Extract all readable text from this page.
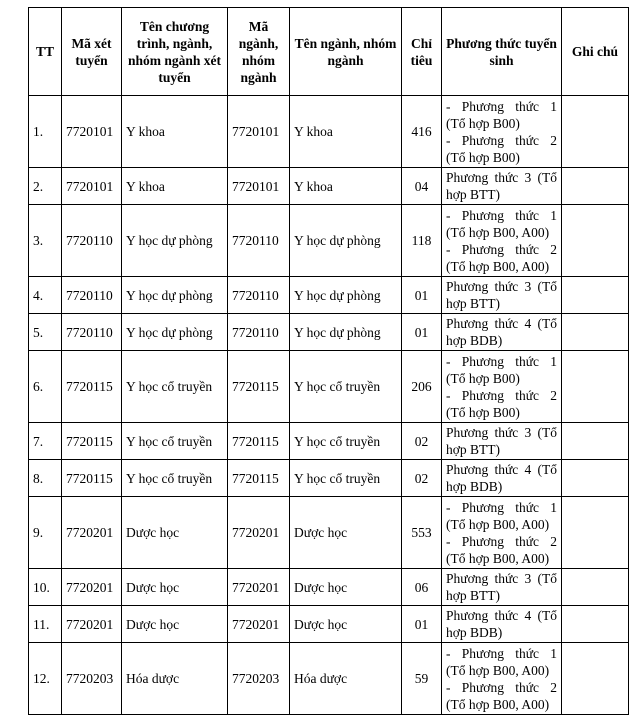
TT	Mã xét tuyển	Tên chương trình, ngành, nhóm ngành xét tuyển	Mã ngành, nhóm ngành	Tên ngành, nhóm ngành	Chỉ tiêu	Phương thức tuyển sinh	Ghi chú
1.	7720101	Y khoa	7720101	Y khoa	416	- Phương thức 1
(Tổ hợp B00)
- Phương thức 2
(Tổ hợp B00)	

2.	7720101	Y khoa	7720101	Y khoa	04	Phương thức 3 (Tổ
hợp BTT)	

3.	7720110	Y học dự phòng	7720110	Y học dự phòng	118	- Phương thức 1
(Tổ hợp B00, A00)
- Phương thức 2
(Tổ hợp B00, A00)	

4.	7720110	Y học dự phòng	7720110	Y học dự phòng	01	Phương thức 3 (Tổ
hợp BTT)	

5.	7720110	Y học dự phòng	7720110	Y học dự phòng	01	Phương thức 4 (Tổ
hợp BDB)	

6.	7720115	Y học cổ truyền	7720115	Y học cổ truyền	206	- Phương thức 1
(Tổ hợp B00)
- Phương thức 2
(Tổ hợp B00)	

7.	7720115	Y học cổ truyền	7720115	Y học cổ truyền	02	Phương thức 3 (Tổ
hợp BTT)	

8.	7720115	Y học cổ truyền	7720115	Y học cổ truyền	02	Phương thức 4 (Tổ
hợp BDB)	

9.	7720201	Dược học	7720201	Dược học	553	- Phương thức 1
(Tổ hợp B00, A00)
- Phương thức 2
(Tổ hợp B00, A00)	

10.	7720201	Dược học	7720201	Dược học	06	Phương thức 3 (Tổ
hợp BTT)	

11.	7720201	Dược học	7720201	Dược học	01	Phương thức 4 (Tổ
hợp BDB)	

12.	7720203	Hóa dược	7720203	Hóa dược	59	- Phương thức 1
(Tổ hợp B00, A00)
- Phương thức 2
(Tổ hợp B00, A00)	
